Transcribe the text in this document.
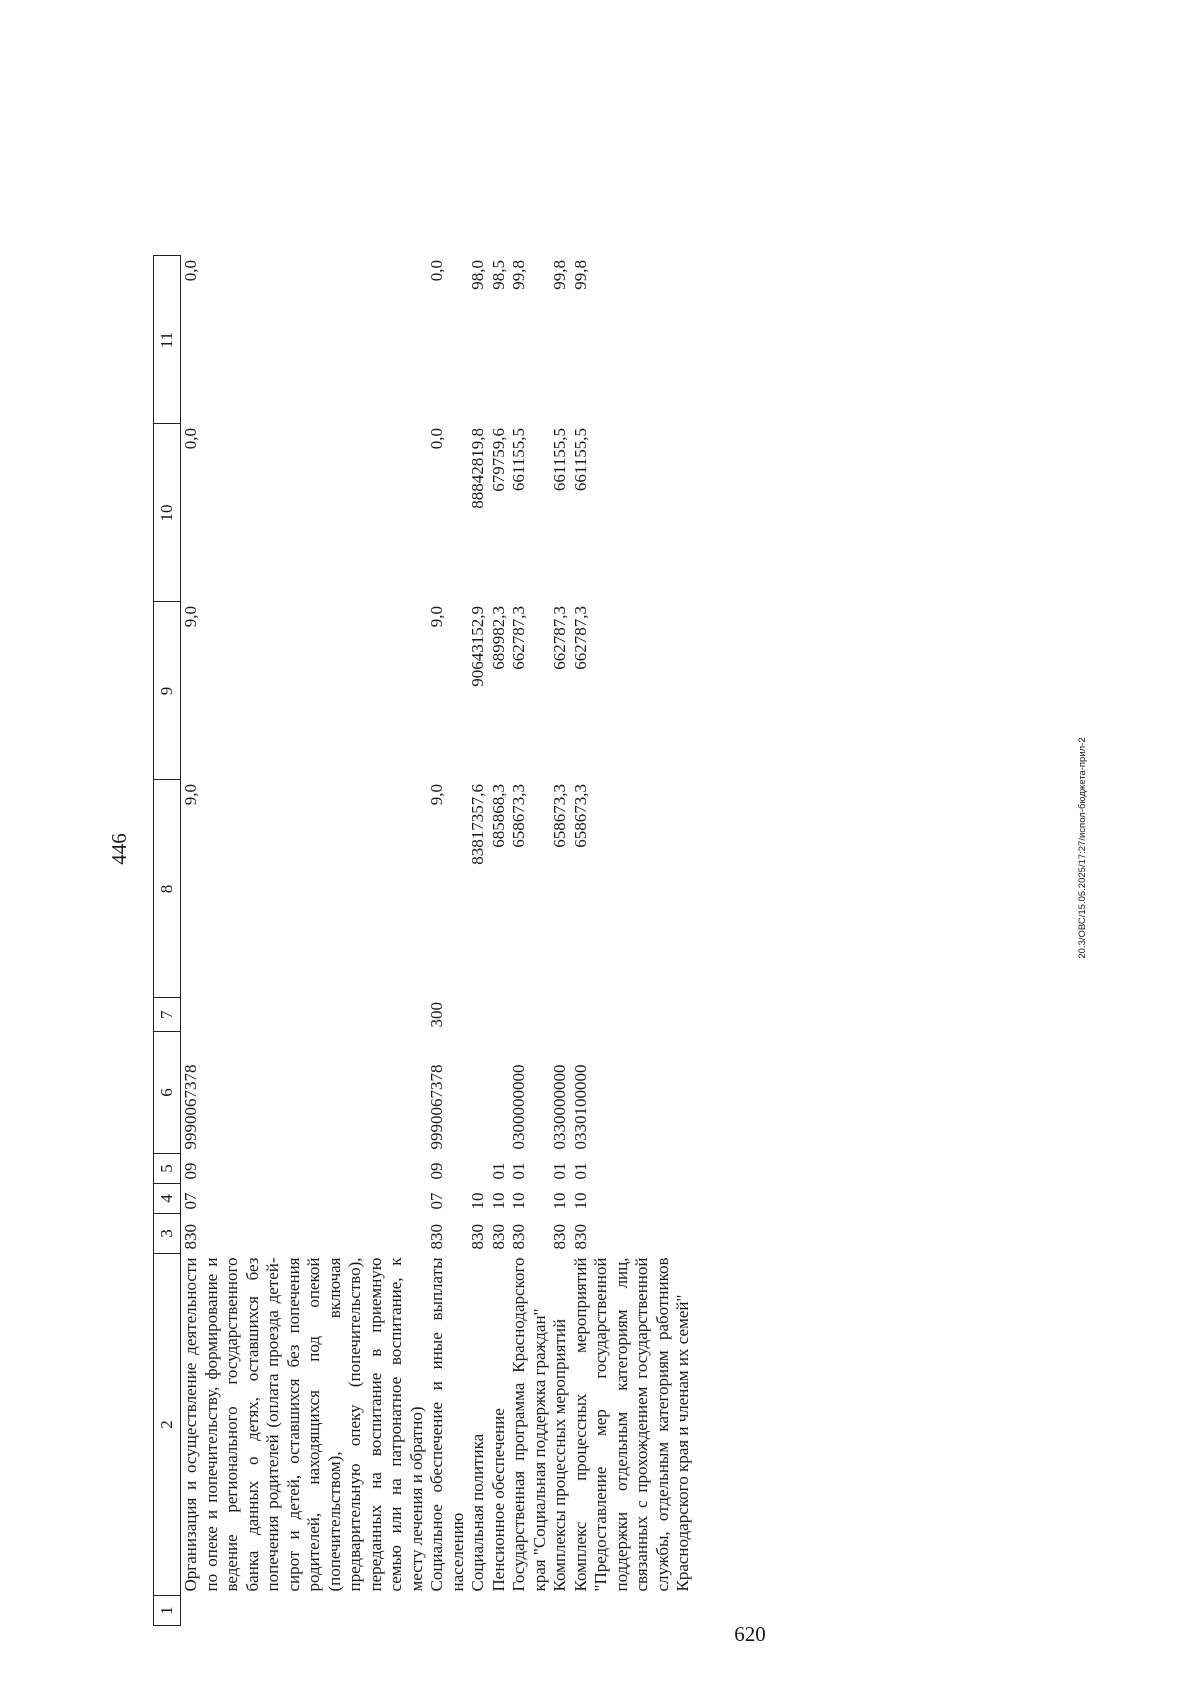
446
1	2	3	4	5	6	7	8	9	10	11
	Организация и осуществление деятельности по опеке и попечительству, формирование и ведение регионального государственного банка данных о детях, оставшихся без попечения родителей (оплата проезда детей-сирот и детей, оставшихся без попечения родителей, находящихся под опекой (попечительством), включая предварительную опеку (попечительство), переданных на воспитание в приемную семью или на патронатное воспитание, к месту лечения и обратно)	830	07	09	9990067378		9,0	9,0	0,0	0,0
	Социальное обеспечение и иные выплаты населению	830	07	09	9990067378	300	9,0	9,0	0,0	0,0
	Социальная политика	830	10				83817357,6	90643152,9	88842819,8	98,0
	Пенсионное обеспечение	830	10	01			685868,3	689982,3	679759,6	98,5
	Государственная программа Краснодарского края "Социальная поддержка граждан"	830	10	01	0300000000		658673,3	662787,3	661155,5	99,8
	Комплексы процессных мероприятий	830	10	01	0330000000		658673,3	662787,3	661155,5	99,8
	Комплекс процессных мероприятий "Предоставление мер государственной поддержки отдельным категориям лиц, связанных с прохождением государственной службы, отдельным категориям работников Краснодарского края и членам их семей"	830	10	01	0330100000		658673,3	662787,3	661155,5	99,8
20.3/ОВС/15.05.2025/17:27/испол-бюджета-прил-2
620
